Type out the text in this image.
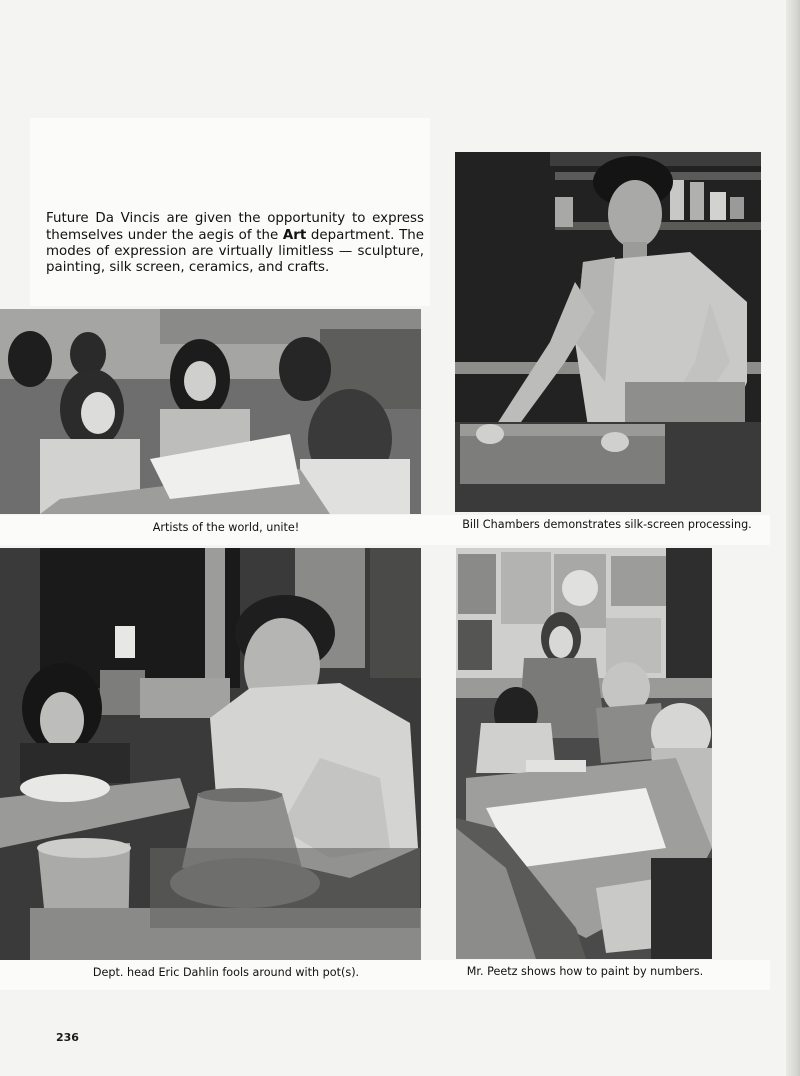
Future Da Vincis are given the opportunity to express themselves under the aegis of the Art department. The modes of expression are virtually limitless — sculpture, painting, silk screen, ceramics, and crafts.

Artists of the world, unite!	Bill Chambers demonstrates silk-screen processing.
Dept. head Eric Dahlin fools around with pot(s).	Mr. Peetz shows how to paint by numbers.
236
